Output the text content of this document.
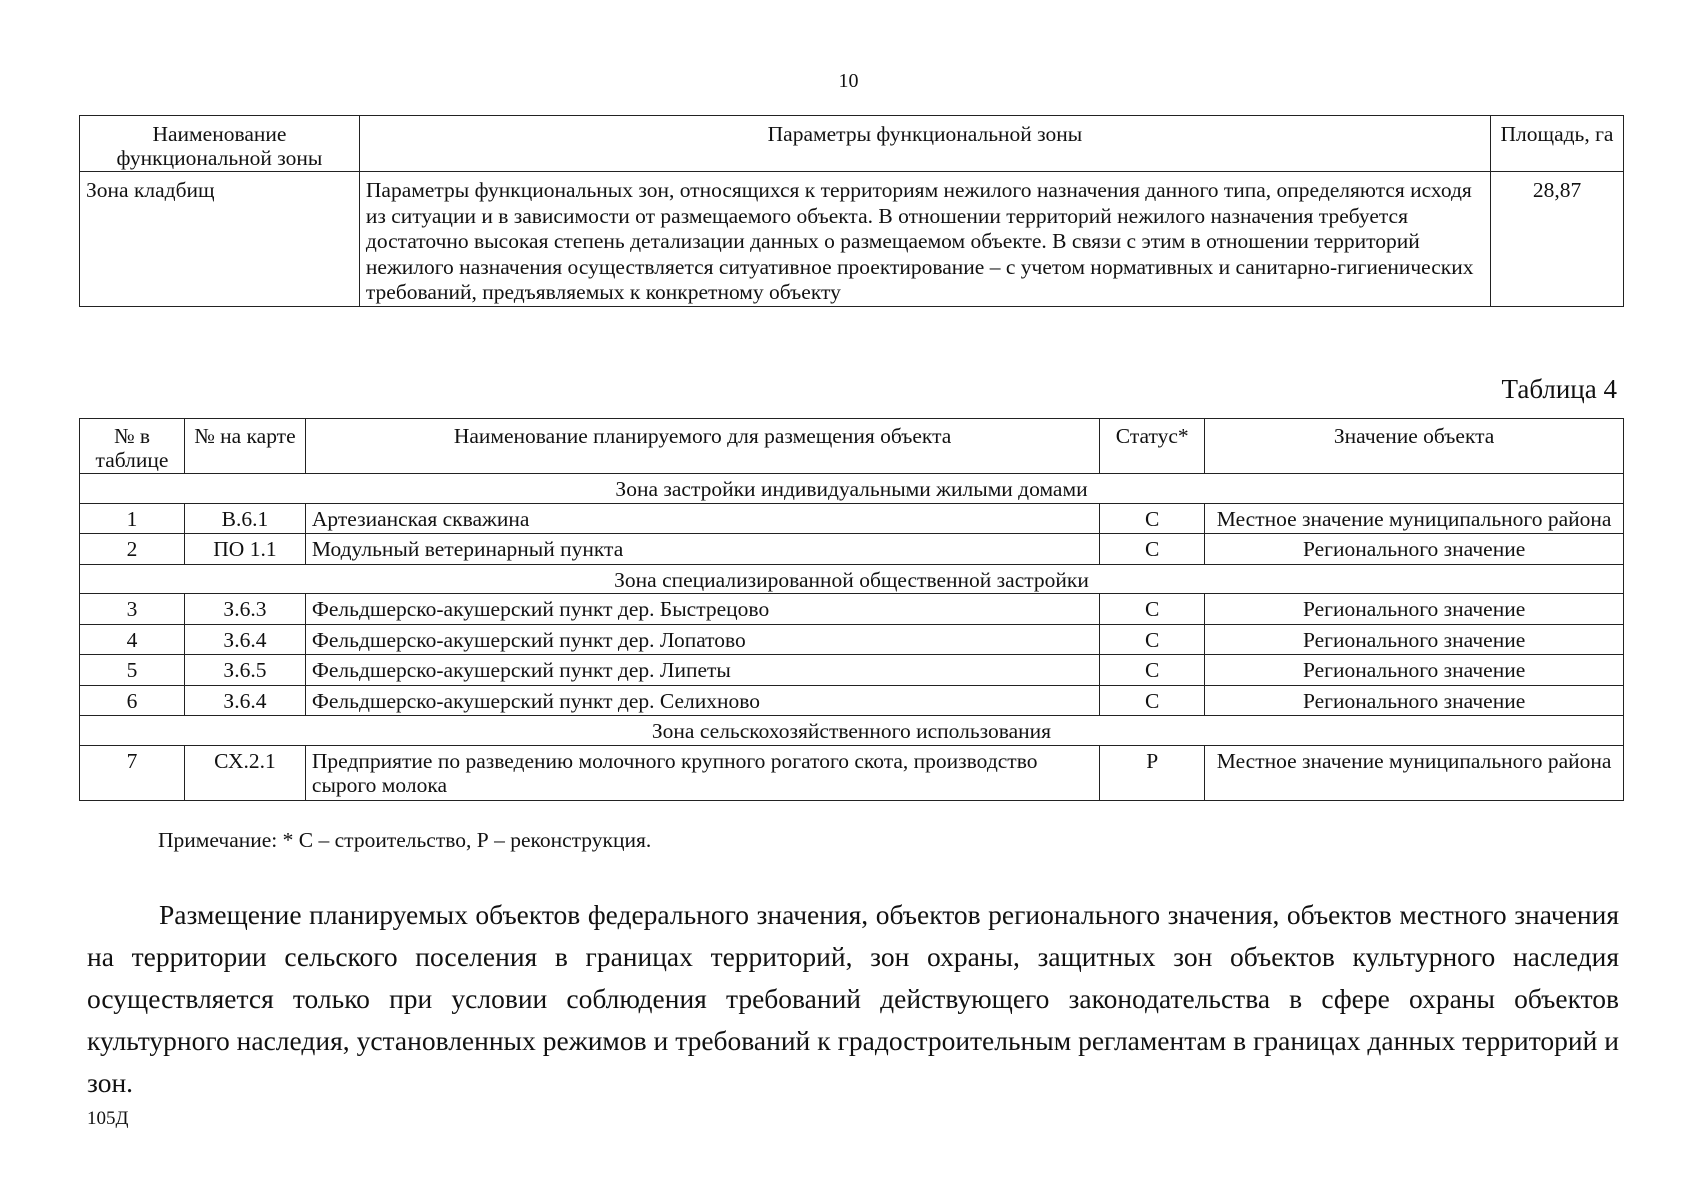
10
Наименование функциональной зоны	Параметры функциональной зоны	Площадь, га
Зона кладбищ	Параметры функциональных зон, относящихся к территориям нежилого назначения данного типа, определяются исходя из ситуации и в зависимости от размещаемого объекта. В отношении территорий нежилого назначения требуется достаточно высокая степень детализации данных о размещаемом объекте. В связи с этим в отношении территорий нежилого назначения осуществляется ситуативное проектирование – с учетом нормативных и санитарно-гигиенических требований, предъявляемых к конкретному объекту	28,87
Таблица 4
№ в таблице	№ на карте	Наименование планируемого для размещения объекта	Статус*	Значение объекта
Зона застройки индивидуальными жилыми домами				
1	В.6.1	Артезианская скважина	С	Местное значение муниципального района
2	ПО 1.1	Модульный ветеринарный пункта	С	Регионального значение
Зона специализированной общественной застройки				
3	З.6.3	Фельдшерско-акушерский пункт дер. Быстрецово	С	Регионального значение
4	З.6.4	Фельдшерско-акушерский пункт дер. Лопатово	С	Регионального значение
5	З.6.5	Фельдшерско-акушерский пункт дер. Липеты	С	Регионального значение
6	З.6.4	Фельдшерско-акушерский пункт дер. Селихново	С	Регионального значение
Зона сельскохозяйственного использования				
7	СХ.2.1	Предприятие по разведению молочного крупного рогатого скота, производство сырого молока	Р	Местное значение муниципального района
Примечание: * С – строительство, Р – реконструкция.

Размещение планируемых объектов федерального значения, объектов регионального значения, объектов местного значения на территории сельского поселения в границах территорий, зон охраны, защитных зон объектов культурного наследия осуществляется только при условии соблюдения требований действующего законодательства в сфере охраны объектов культурного наследия, установленных режимов и требований к градостроительным регламентам в границах данных территорий и зон.

105Д
